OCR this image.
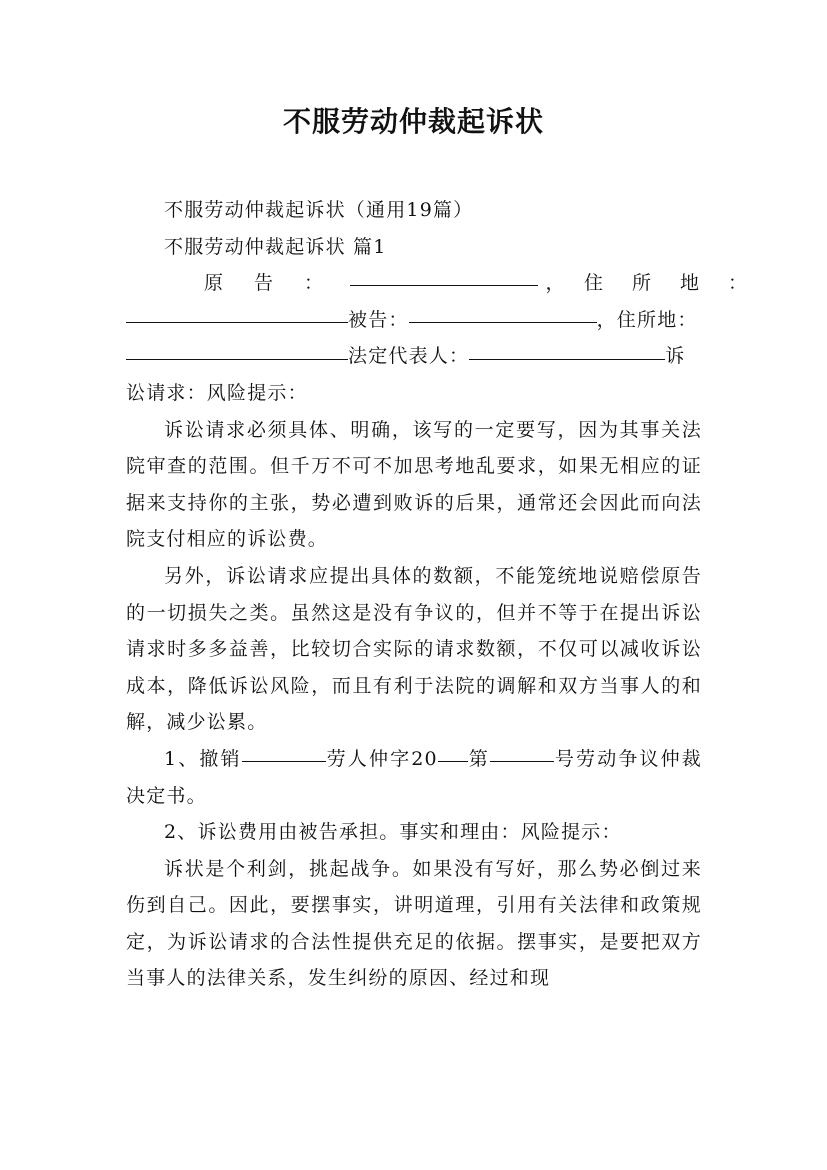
不服劳动仲裁起诉状

不服劳动仲裁起诉状（通用19篇）

不服劳动仲裁起诉状 篇1

原　告　：	，　住　所　地　：

被告：	，住所地：

法定代表人：	诉

讼请求：风险提示：

诉讼请求必须具体、明确，该写的一定要写，因为其事关法院审查的范围。但千万不可不加思考地乱要求，如果无相应的证据来支持你的主张，势必遭到败诉的后果，通常还会因此而向法院支付相应的诉讼费。

另外，诉讼请求应提出具体的数额，不能笼统地说赔偿原告的一切损失之类。虽然这是没有争议的，但并不等于在提出诉讼请求时多多益善，比较切合实际的请求数额，不仅可以减收诉讼成本，降低诉讼风险，而且有利于法院的调解和双方当事人的和解，减少讼累。

1、撤销	劳人仲字20 第	号劳动争议仲裁决定书。

2、诉讼费用由被告承担。事实和理由：风险提示：

诉状是个利剑，挑起战争。如果没有写好，那么势必倒过来伤到自己。因此，要摆事实，讲明道理，引用有关法律和政策规定，为诉讼请求的合法性提供充足的依据。摆事实，是要把双方当事人的法律关系，发生纠纷的原因、经过和现
